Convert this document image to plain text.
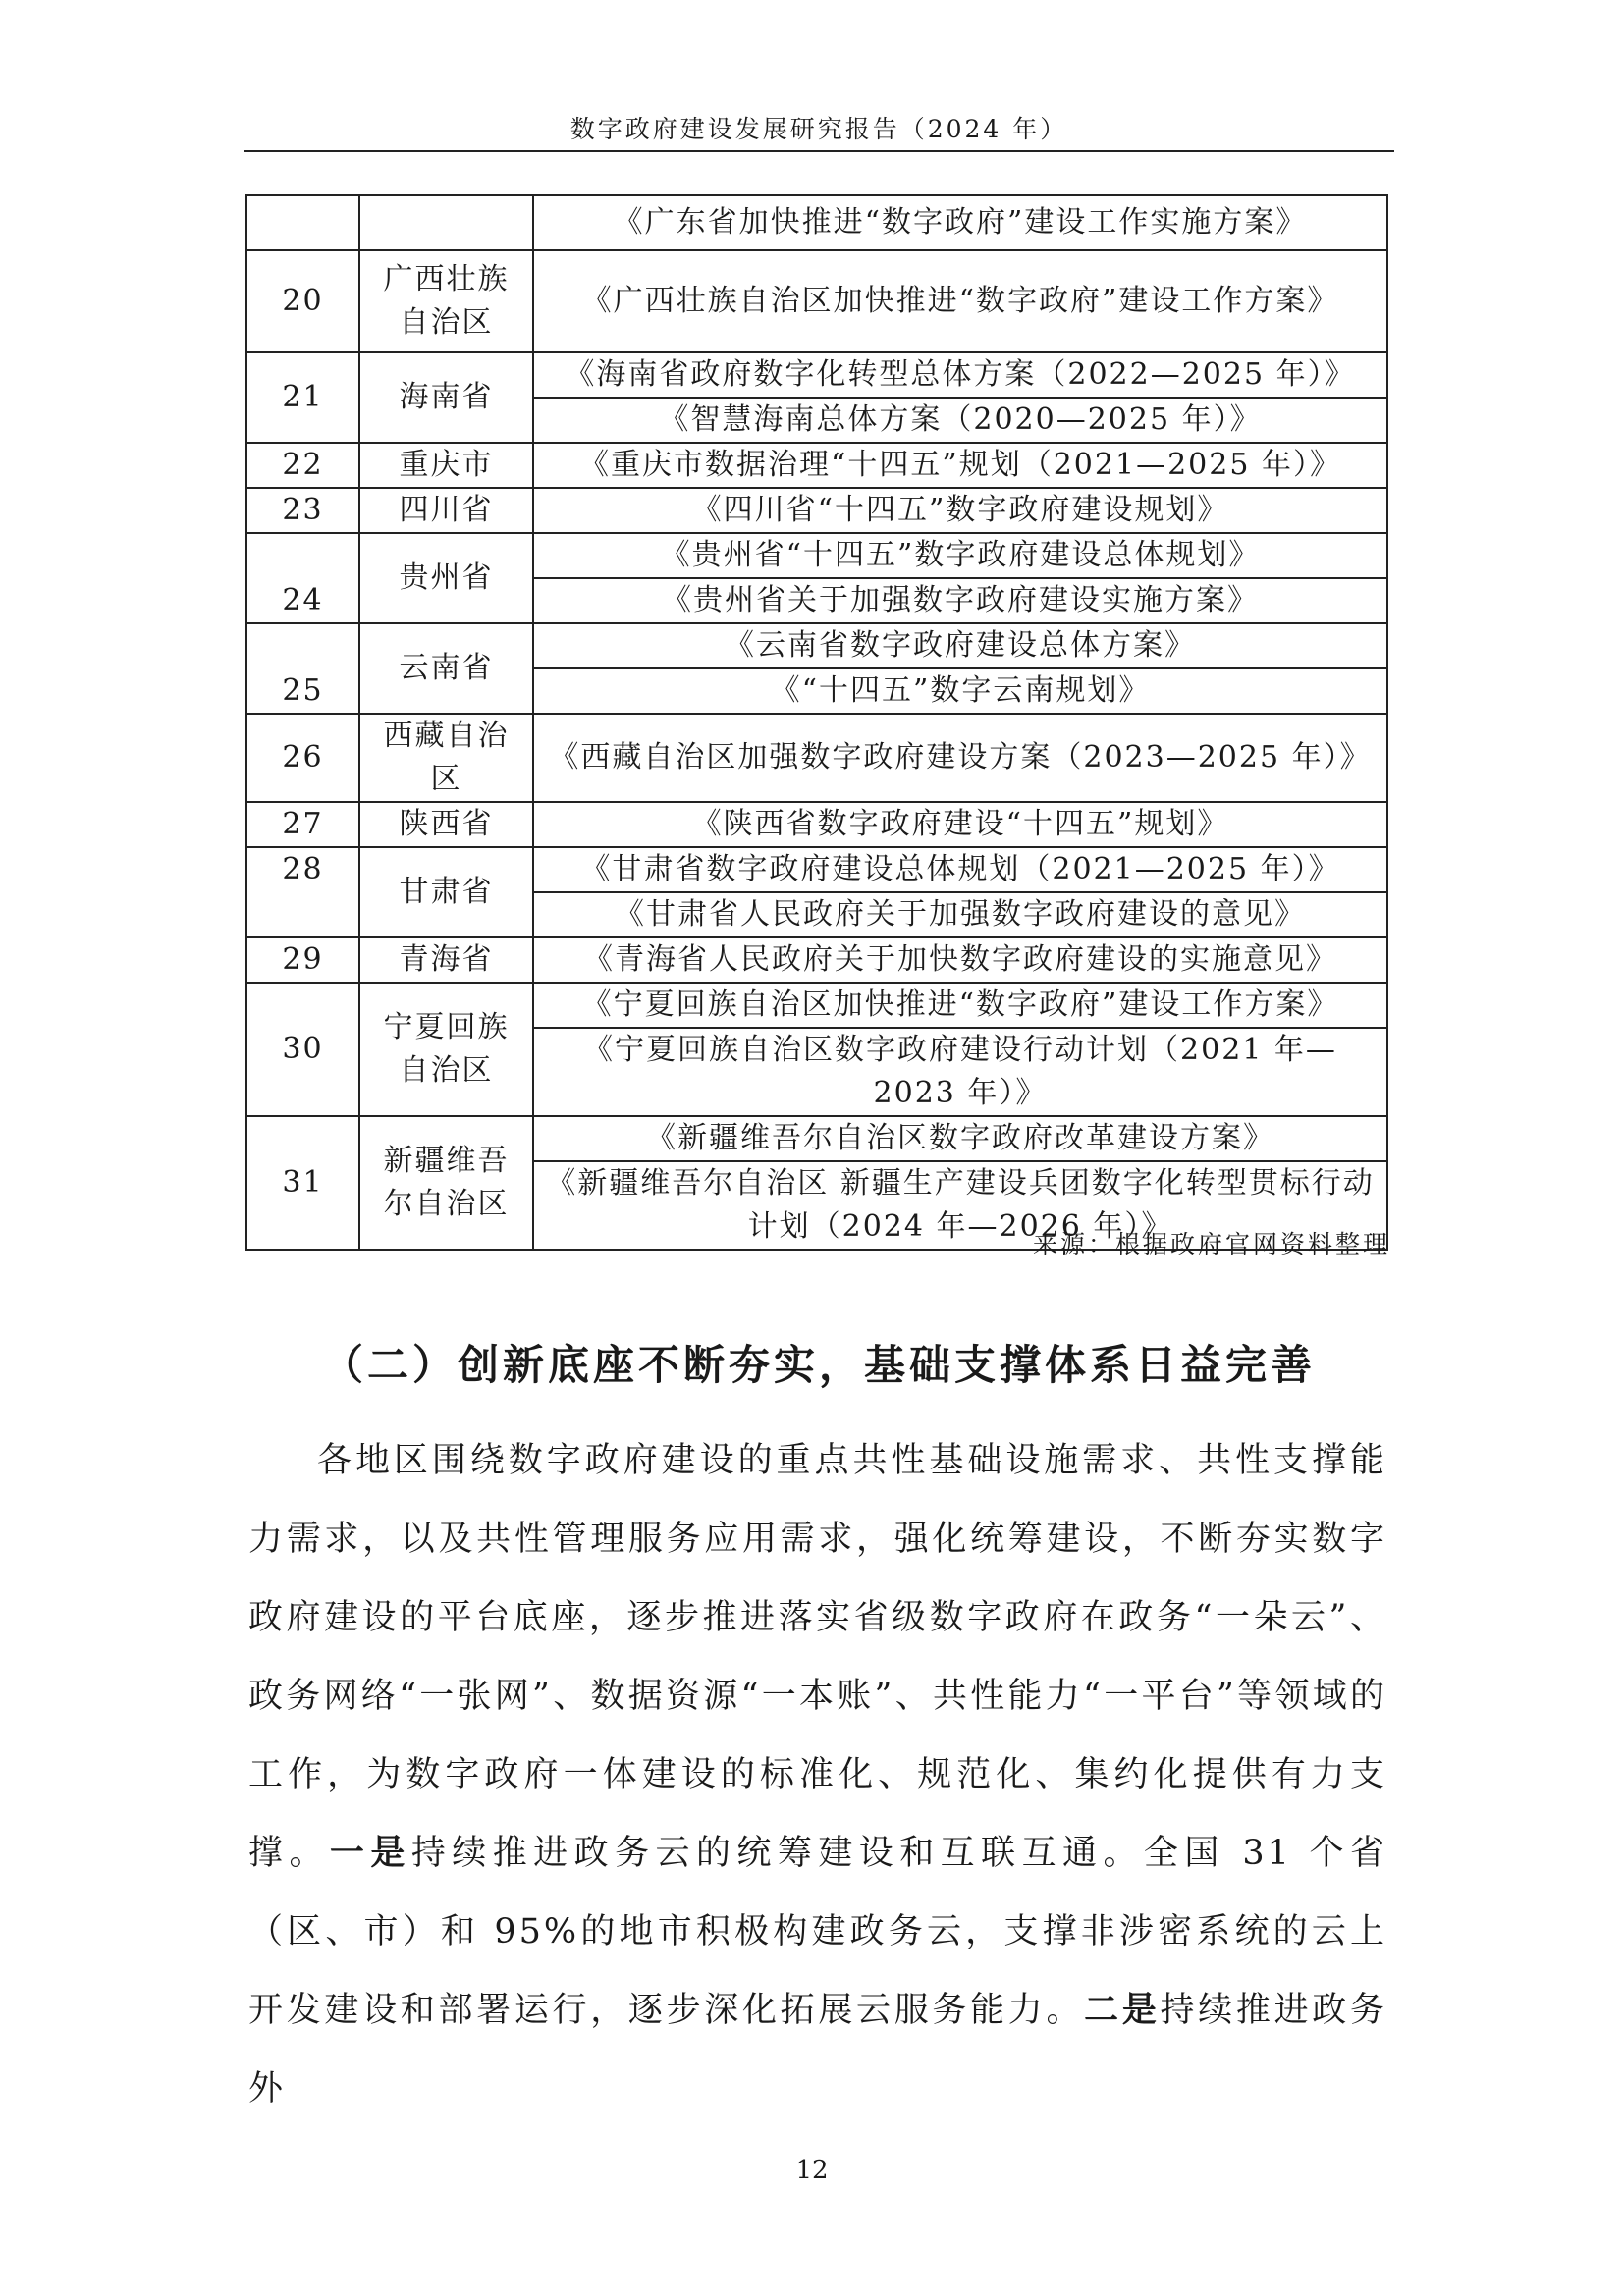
数字政府建设发展研究报告（2024 年）
		《广东省加快推进“数字政府”建设工作实施方案》
20	广西壮族自治区	《广西壮族自治区加快推进“数字政府”建设工作方案》
21	海南省	《海南省政府数字化转型总体方案（2022—2025 年）》
		《智慧海南总体方案（2020—2025 年）》
22	重庆市	《重庆市数据治理“十四五”规划（2021—2025 年）》
23	四川省	《四川省“十四五”数字政府建设规划》
24	贵州省	《贵州省“十四五”数字政府建设总体规划》
		《贵州省关于加强数字政府建设实施方案》
25	云南省	《云南省数字政府建设总体方案》
		《“十四五”数字云南规划》
26	西藏自治区	《西藏自治区加强数字政府建设方案（2023—2025 年）》
27	陕西省	《陕西省数字政府建设“十四五”规划》
28	甘肃省	《甘肃省数字政府建设总体规划（2021—2025 年）》
		《甘肃省人民政府关于加强数字政府建设的意见》
29	青海省	《青海省人民政府关于加快数字政府建设的实施意见》
30	宁夏回族自治区	《宁夏回族自治区加快推进“数字政府”建设工作方案》
		《宁夏回族自治区数字政府建设行动计划（2021 年—2023 年）》
31	新疆维吾尔自治区	《新疆维吾尔自治区数字政府改革建设方案》
		《新疆维吾尔自治区 新疆生产建设兵团数字化转型贯标行动计划（2024 年—2026 年）》
来源：根据政府官网资料整理
（二）创新底座不断夯实，基础支撑体系日益完善

各地区围绕数字政府建设的重点共性基础设施需求、共性支撑能力需求，以及共性管理服务应用需求，强化统筹建设，不断夯实数字政府建设的平台底座，逐步推进落实省级数字政府在政务“一朵云”、政务网络“一张网”、数据资源“一本账”、共性能力“一平台”等领域的工作，为数字政府一体建设的标准化、规范化、集约化提供有力支撑。一是持续推进政务云的统筹建设和互联互通。全国 31 个省（区、市）和 95%的地市积极构建政务云，支撑非涉密系统的云上开发建设和部署运行，逐步深化拓展云服务能力。二是持续推进政务外

12
